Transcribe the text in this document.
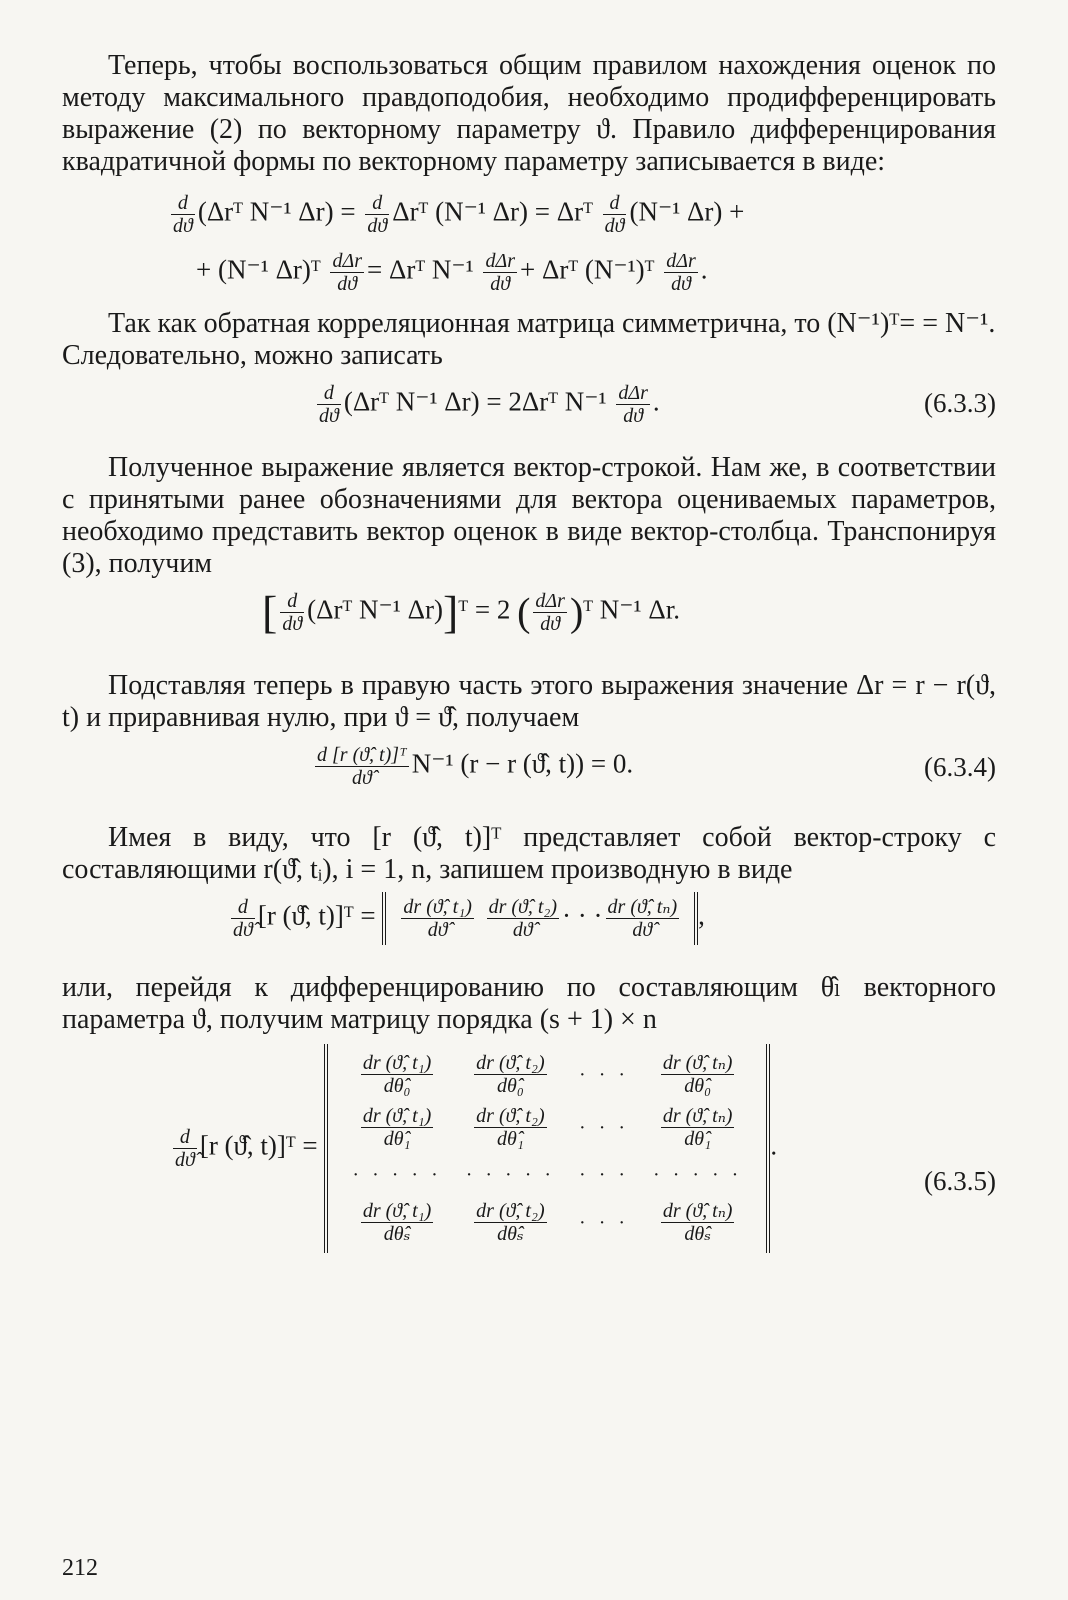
Теперь, чтобы воспользоваться общим правилом нахождения оценок по методу максимального правдоподобия, необходимо продифференцировать выражение (2) по векторному параметру ϑ. Правило дифференцирования квадратичной формы по векторному параметру записывается в виде:

$\frac{d}{dϑ}$ (Δrᵀ N⁻¹ $\Delta r) = \frac{d}{dϑ}$ Δrᵀ (N⁻¹ Δr) = Δrᵀ $\frac{d}{dϑ} (N^{-1}$ Δr) +
+ (N⁻¹ Δr)ᵀ $\frac{\text{dΔr}}{dϑ}$ = Δrᵀ $N^{-1} \frac{\text{dΔr}}{dϑ}$ + Δrᵀ (N⁻¹)ᵀ $\frac{\text{dΔr}}{dϑ}$ .

Так как обратная корреляционная матрица симметрична, то (N⁻¹)ᵀ= = N⁻¹.

Следовательно, можно записать

$\frac{d}{dϑ}$ (Δrᵀ N⁻¹ Δr) = 2Δrᵀ $N^{-1} \frac{\text{dΔr}}{dϑ}$ .	(6.3.3)

Полученное выражение является вектор-строкой. Нам же, в соответствии с принятыми ранее обозначениями для вектора оцениваемых параметров, необходимо представить вектор оценок в виде вектор-столбца. Транспонируя (3), получим

[ $\frac{d}{dϑ}$ (Δrᵀ N⁻¹ Δr)]ᵀ = 2 ( $\frac{\text{dΔr}}{dϑ}$ )ᵀ N⁻¹ Δr.

Подставляя теперь в правую часть этого выражения значение Δr = r − r(ϑ, t) и приравнивая нулю, при ϑ = ϑ̂, получаем

$\frac{\text{d [r (ϑ̂, t)]ᵀ}}{dϑ̂} N^{-1}$ (r − r (ϑ̂, t)) = 0.	(6.3.4)

Имея в виду, что [r (ϑ̂, t)]ᵀ представляет собой вектор-строку с составляющими r(ϑ̂, tᵢ), i = 1, n, запишем производную в виде

$\frac{d}{dϑ̂} [r$ (ϑ̂, t)]ᵀ = $\frac{\text{dr (ϑ̂, t₁)}}{dϑ̂}$
$\frac{\text{dr (ϑ̂, t₂)}}{dϑ̂}$ · · · $\frac{\text{dr (ϑ̂, tₙ)}}{dϑ̂}$ ,

или, перейдя к дифференцированию по составляющим θ̂ₗ векторного параметра ϑ, получим матрицу порядка (s + 1) × n

$\frac{d}{dϑ̂} [r$ (ϑ̂, t)]ᵀ =
$\frac{\text{dr (ϑ̂, t₁)}}{\text{dθ̂₀}}$	$\frac{\text{dr (ϑ̂, t₂)}}{\text{dθ̂₀}}$	· · ·	$\frac{\text{dr (ϑ̂, tₙ)}}{\text{dθ̂₀}}$

$\frac{\text{dr (ϑ̂, t₁)}}{\text{dθ̂₁}}$	$\frac{\text{dr (ϑ̂, t₂)}}{\text{dθ̂₁}}$	· · ·	$\frac{\text{dr (ϑ̂, tₙ)}}{\text{dθ̂₁}}$

· · · · ·	· · · · ·	· · ·	· · · · ·

$\frac{\text{dr (ϑ̂, t₁)}}{\text{dθ̂ₛ}}$	$\frac{\text{dr (ϑ̂, t₂)}}{\text{dθ̂ₛ}}$	· · ·	$\frac{\text{dr (ϑ̂, tₙ)}}{\text{dθ̂ₛ}}$
.
(6.3.5)
212
